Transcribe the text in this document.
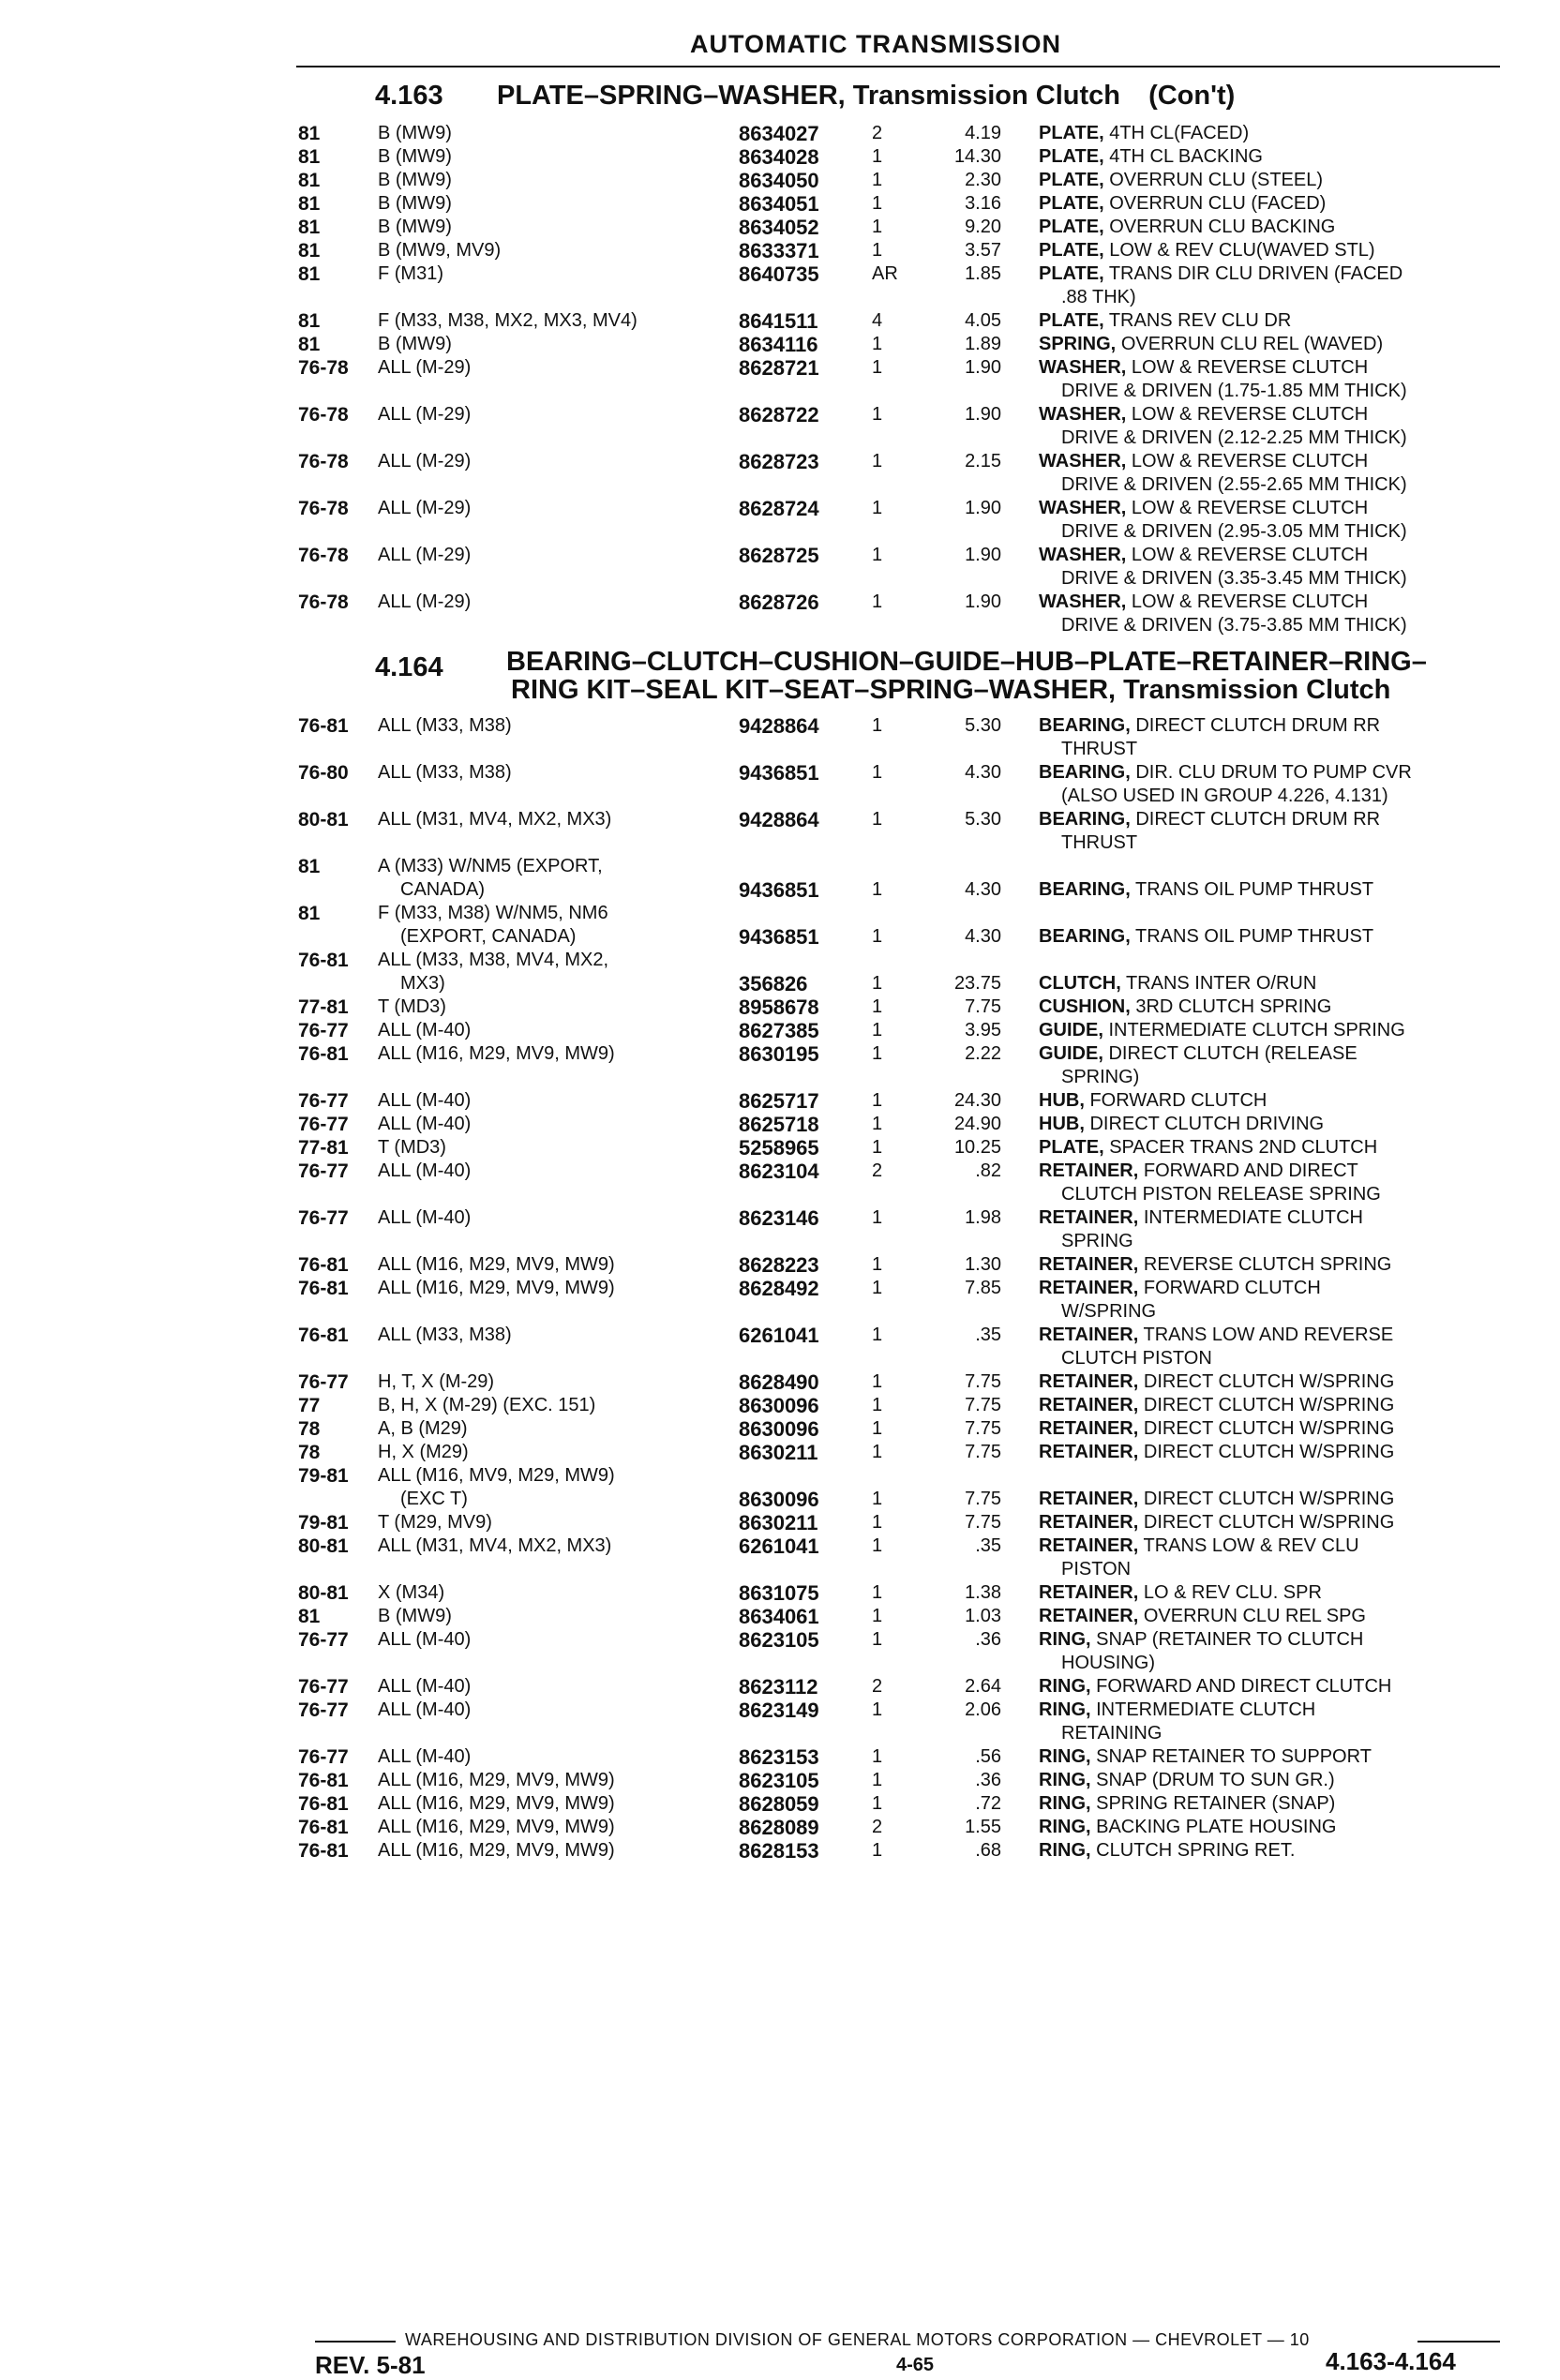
AUTOMATIC TRANSMISSION
4.163 PLATE–SPRING–WASHER, Transmission Clutch (Con't)
81	B (MW9)	8634027	2	4.19 PLATE, 4TH CL(FACED)
81	B (MW9)	8634028	1	14.30 PLATE, 4TH CL BACKING
81	B (MW9)	8634050	1	2.30 PLATE, OVERRUN CLU (STEEL)
81	B (MW9)	8634051	1	3.16 PLATE, OVERRUN CLU (FACED)
81	B (MW9)	8634052	1	9.20 PLATE, OVERRUN CLU BACKING
81	B (MW9, MV9)	8633371	1	3.57 PLATE, LOW & REV CLU(WAVED STL)
81	F (M31)	8640735	AR	1.85 PLATE, TRANS DIR CLU DRIVEN (FACED
.88 THK)
81	F (M33, M38, MX2, MX3, MV4)	8641511	4	4.05 PLATE, TRANS REV CLU DR
81	B (MW9)	8634116	1	1.89 SPRING, OVERRUN CLU REL (WAVED)
76-78	ALL (M-29)	8628721	1	1.90 WASHER, LOW & REVERSE CLUTCH
DRIVE & DRIVEN (1.75-1.85 MM THICK)
76-78	ALL (M-29)	8628722	1	1.90 WASHER, LOW & REVERSE CLUTCH
DRIVE & DRIVEN (2.12-2.25 MM THICK)
76-78	ALL (M-29)	8628723	1	2.15 WASHER, LOW & REVERSE CLUTCH
DRIVE & DRIVEN (2.55-2.65 MM THICK)
76-78	ALL (M-29)	8628724	1	1.90 WASHER, LOW & REVERSE CLUTCH
DRIVE & DRIVEN (2.95-3.05 MM THICK)
76-78	ALL (M-29)	8628725	1	1.90 WASHER, LOW & REVERSE CLUTCH
DRIVE & DRIVEN (3.35-3.45 MM THICK)
76-78	ALL (M-29)	8628726	1	1.90 WASHER, LOW & REVERSE CLUTCH
DRIVE & DRIVEN (3.75-3.85 MM THICK)
4.164 BEARING–CLUTCH–CUSHION–GUIDE–HUB–PLATE–RETAINER–RING–
RING KIT–SEAL KIT–SEAT–SPRING–WASHER, Transmission Clutch
76-81	ALL (M33, M38)	9428864	1	5.30 BEARING, DIRECT CLUTCH DRUM RR
THRUST
76-80	ALL (M33, M38)	9436851	1	4.30 BEARING, DIR. CLU DRUM TO PUMP CVR
(ALSO USED IN GROUP 4.226, 4.131)
80-81	ALL (M31, MV4, MX2, MX3)	9428864	1	5.30 BEARING, DIRECT CLUTCH DRUM RR
THRUST
81	A (M33) W/NM5 (EXPORT,
CANADA)	9436851	1	4.30 BEARING, TRANS OIL PUMP THRUST
81	F (M33, M38) W/NM5, NM6
(EXPORT, CANADA)	9436851	1	4.30 BEARING, TRANS OIL PUMP THRUST
76-81	ALL (M33, M38, MV4, MX2,
MX3)	356826	1	23.75 CLUTCH, TRANS INTER O/RUN
77-81	T (MD3)	8958678	1	7.75 CUSHION, 3RD CLUTCH SPRING
76-77	ALL (M-40)	8627385	1	3.95 GUIDE, INTERMEDIATE CLUTCH SPRING
76-81	ALL (M16, M29, MV9, MW9)	8630195	1	2.22 GUIDE, DIRECT CLUTCH (RELEASE
SPRING)
76-77	ALL (M-40)	8625717	1	24.30 HUB, FORWARD CLUTCH
76-77	ALL (M-40)	8625718	1	24.90 HUB, DIRECT CLUTCH DRIVING
77-81	T (MD3)	5258965	1	10.25 PLATE, SPACER TRANS 2ND CLUTCH
76-77	ALL (M-40)	8623104	2	.82 RETAINER, FORWARD AND DIRECT
CLUTCH PISTON RELEASE SPRING
76-77	ALL (M-40)	8623146	1	1.98 RETAINER, INTERMEDIATE CLUTCH
SPRING
76-81	ALL (M16, M29, MV9, MW9)	8628223	1	1.30 RETAINER, REVERSE CLUTCH SPRING
76-81	ALL (M16, M29, MV9, MW9)	8628492	1	7.85 RETAINER, FORWARD CLUTCH
W/SPRING
76-81	ALL (M33, M38)	6261041	1	.35 RETAINER, TRANS LOW AND REVERSE
CLUTCH PISTON
76-77	H, T, X (M-29)	8628490	1	7.75 RETAINER, DIRECT CLUTCH W/SPRING
77	B, H, X (M-29) (EXC. 151)	8630096	1	7.75 RETAINER, DIRECT CLUTCH W/SPRING
78	A, B (M29)	8630096	1	7.75 RETAINER, DIRECT CLUTCH W/SPRING
78	H, X (M29)	8630211	1	7.75 RETAINER, DIRECT CLUTCH W/SPRING
79-81	ALL (M16, MV9, M29, MW9)
(EXC T)	8630096	1	7.75 RETAINER, DIRECT CLUTCH W/SPRING
79-81	T (M29, MV9)	8630211	1	7.75 RETAINER, DIRECT CLUTCH W/SPRING
80-81	ALL (M31, MV4, MX2, MX3)	6261041	1	.35 RETAINER, TRANS LOW & REV CLU
PISTON
80-81	X (M34)	8631075	1	1.38 RETAINER, LO & REV CLU. SPR
81	B (MW9)	8634061	1	1.03 RETAINER, OVERRUN CLU REL SPG
76-77	ALL (M-40)	8623105	1	.36 RING, SNAP (RETAINER TO CLUTCH
HOUSING)
76-77	ALL (M-40)	8623112	2	2.64 RING, FORWARD AND DIRECT CLUTCH
76-77	ALL (M-40)	8623149	1	2.06 RING, INTERMEDIATE CLUTCH
RETAINING
76-77	ALL (M-40)	8623153	1	.56 RING, SNAP RETAINER TO SUPPORT
76-81	ALL (M16, M29, MV9, MW9)	8623105	1	.36 RING, SNAP (DRUM TO SUN GR.)
76-81	ALL (M16, M29, MV9, MW9)	8628059	1	.72 RING, SPRING RETAINER (SNAP)
76-81	ALL (M16, M29, MV9, MW9)	8628089	2	1.55 RING, BACKING PLATE HOUSING
76-81	ALL (M16, M29, MV9, MW9)	8628153	1	.68 RING, CLUTCH SPRING RET.
WAREHOUSING AND DISTRIBUTION DIVISION OF GENERAL MOTORS CORPORATION — CHEVROLET — 10
REV. 5-81	4-65	4.163-4.164
